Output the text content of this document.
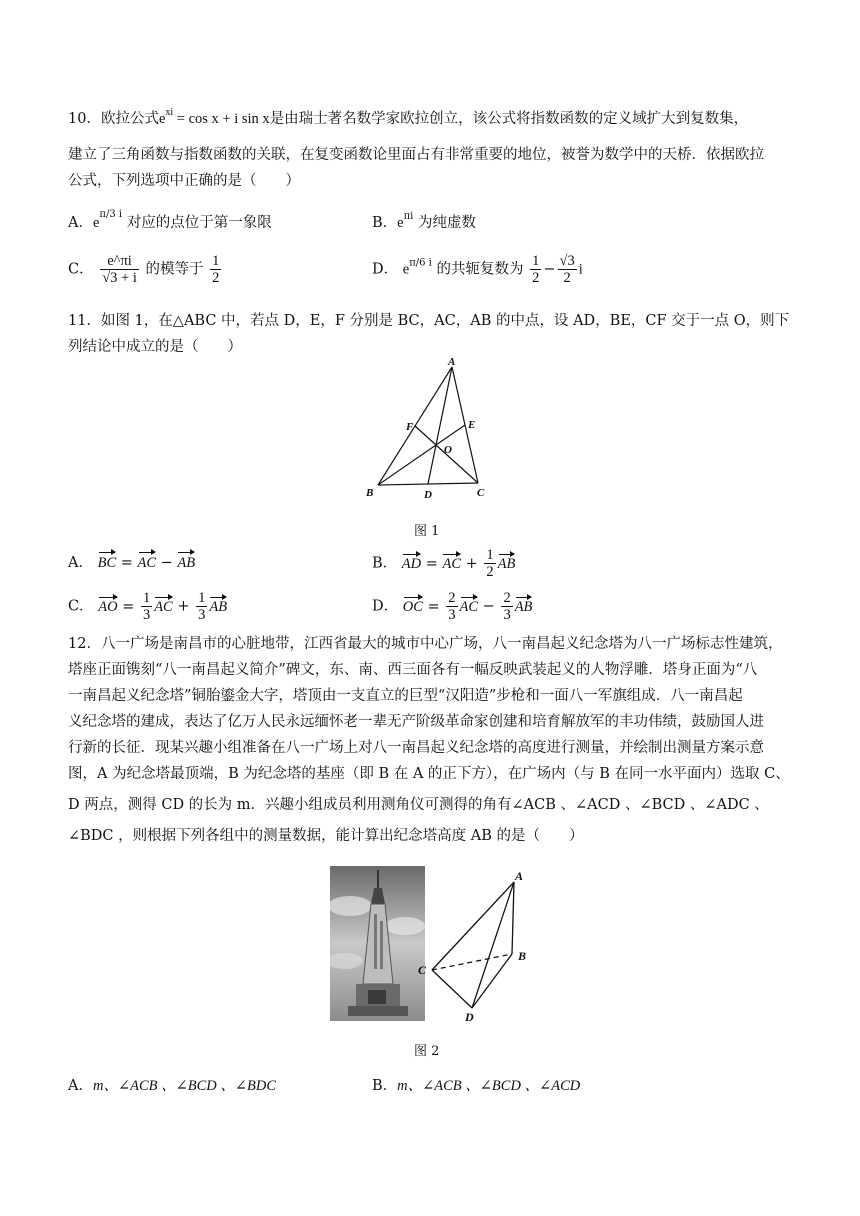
10．欧拉公式$e^{xi} = \cos x + i$ sin x是由瑞士著名数学家欧拉创立，该公式将指数函数的定义域扩大到复数集，
建立了三角函数与指数函数的关联，在复变函数论里面占有非常重要的地位，被誉为数学中的天桥．依据欧拉
公式，下列选项中正确的是（　　）
A．$e^{\pi/3 i}$ 对应的点位于第一象限	B．$e^{\pi i}$ 为纯虚数
C． $\frac{e\^{}\pi i}{√3 + i}$ 的模等于 $\frac{1}{2}$	D． $e^{\pi/6 i}$ 的共轭复数为 $\frac{1}{2} - \frac{√3}{2}$ i
11．如图 1，在△ABC 中，若点 D，E，F 分别是 BC，AC，AB 的中点，设 AD，BE，CF 交于一点 O，则下
列结论中成立的是（　　）
A
B	C
D
E
F
O
图 1
A． BC = AC − AB	B． AD = AC + $\frac{1}{2}$ AB
C． AO = $\frac{1}{3}$ AC + $\frac{1}{3}$ AB	D． OC = $\frac{2}{3}$ AC − $\frac{2}{3}$ AB
12．八一广场是南昌市的心脏地带，江西省最大的城市中心广场，八一南昌起义纪念塔为八一广场标志性建筑，
塔座正面镌刻“八一南昌起义简介”碑文，东、南、西三面各有一幅反映武装起义的人物浮雕．塔身正面为“八
一南昌起义纪念塔”铜胎鎏金大字，塔顶由一支直立的巨型“汉阳造”步枪和一面八一军旗组成．八一南昌起
义纪念塔的建成，表达了亿万人民永远缅怀老一辈无产阶级革命家创建和培育解放军的丰功伟绩，鼓励国人进
行新的长征．现某兴趣小组准备在八一广场上对八一南昌起义纪念塔的高度进行测量，并绘制出测量方案示意
图，A 为纪念塔最顶端，B 为纪念塔的基座（即 B 在 A 的正下方），在广场内（与 B 在同一水平面内）选取 C、
D 两点，测得 CD 的长为 m．兴趣小组成员利用测角仪可测得的角有∠ACB 、∠ACD 、∠BCD 、∠ADC 、
∠BDC ，则根据下列各组中的测量数据，能计算出纪念塔高度 AB 的是（　　）
A
B
C
D
图 2
A．m、∠ACB 、∠BCD 、∠BDC	B．m、∠ACB 、∠BCD 、∠ACD
